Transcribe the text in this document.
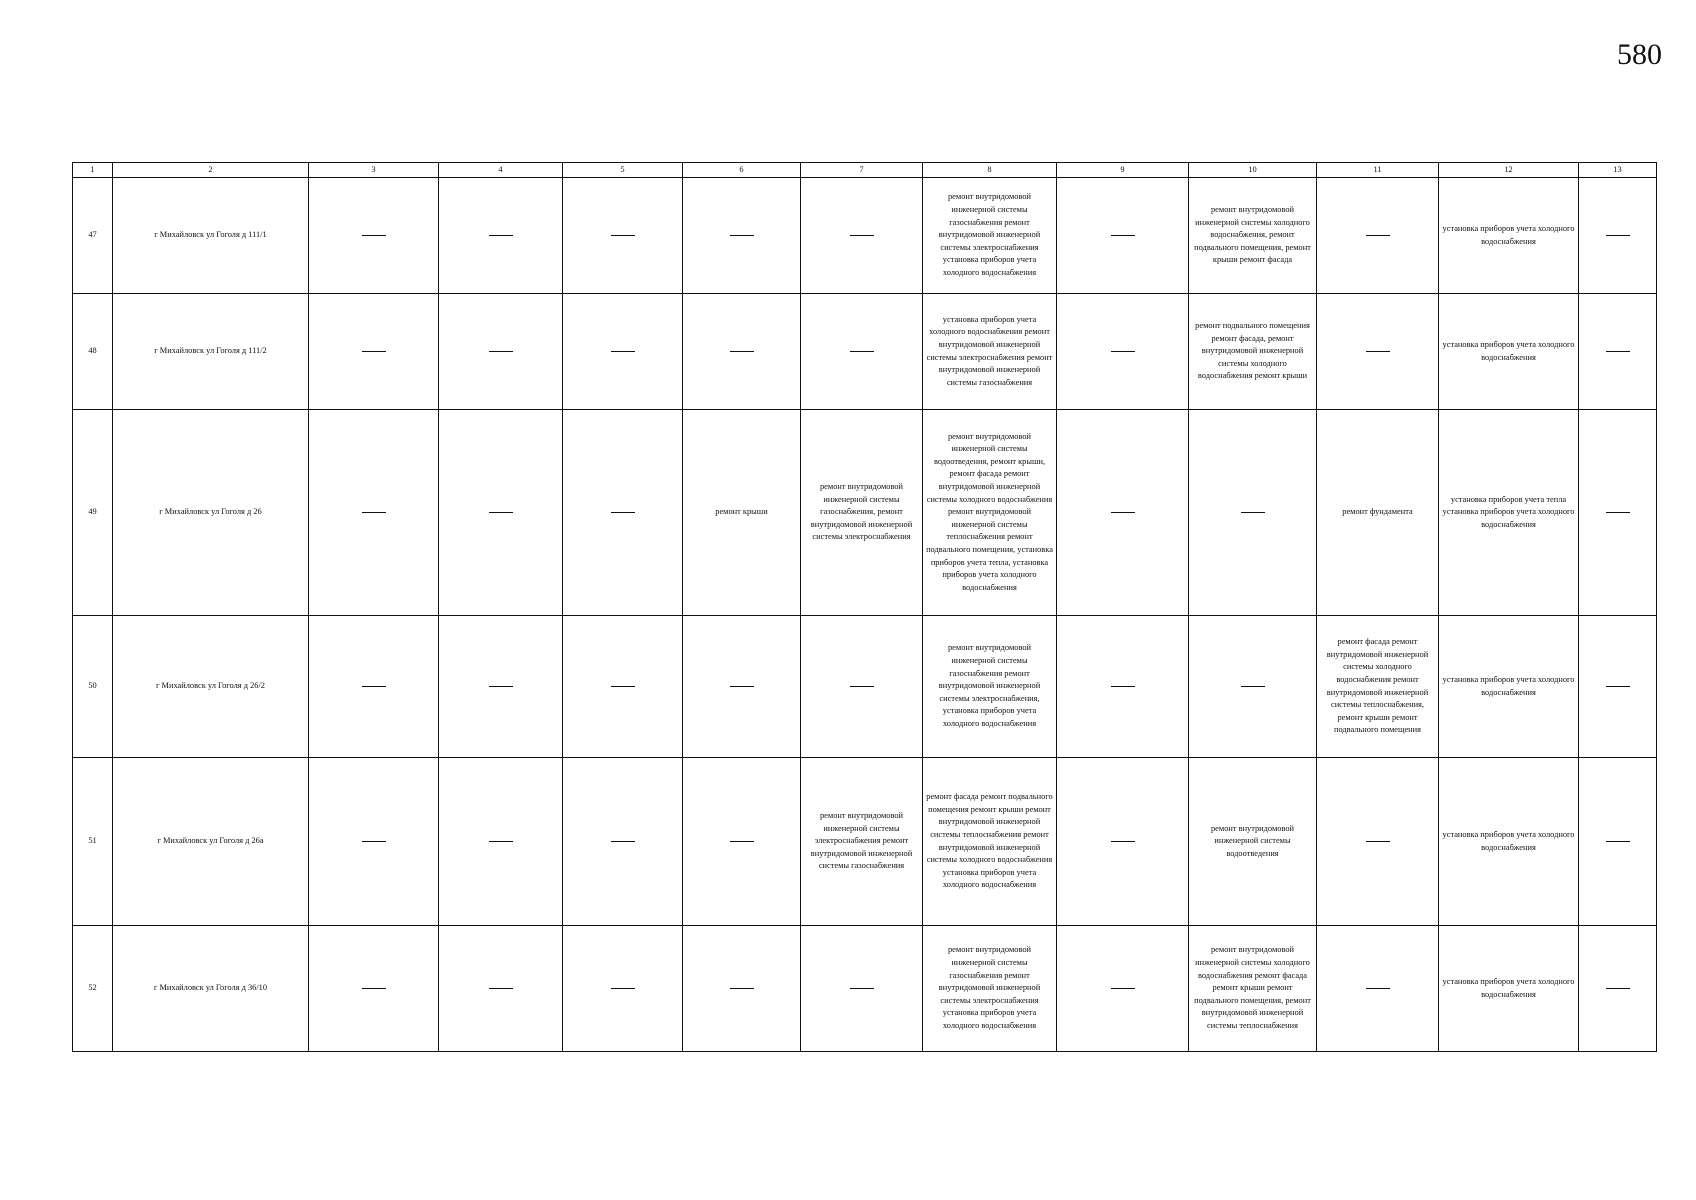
580
1	2	3	4	5	6	7	8	9	10	11	12	13
47	г Михайловск ул Гоголя д 111/1						ремонт внутридомовой инженерной системы газоснабжения ремонт внутридомовой инженерной системы электроснабжения установка приборов учета холодного водоснабжения		ремонт внутридомовой инженерной системы холодного водоснабжения, ремонт подвального помещения, ремонт крыши ремонт фасада		установка приборов учета холодного водоснабжения	
48	г Михайловск ул Гоголя д 111/2						установка приборов учета холодного водоснабжения ремонт внутридомовой инженерной системы электроснабжения ремонт внутридомовой инженерной системы газоснабжения		ремонт подвального помещения ремонт фасада, ремонт внутридомовой инженерной системы холодного водоснабжения ремонт крыши		установка приборов учета холодного водоснабжения	
49	г Михайловск ул Гоголя д 26				ремонт крыши	ремонт внутридомовой инженерной системы газоснабжения, ремонт внутридомовой инженерной системы электроснабжения	ремонт внутридомовой инженерной системы водоотведения, ремонт крыши, ремонт фасада ремонт внутридомовой инженерной системы холодного водоснабжения ремонт внутридомовой инженерной системы теплоснабжения ремонт подвального помещения, установка приборов учета тепла, установка приборов учета холодного водоснабжения			ремонт фундамента	установка приборов учета тепла установка приборов учета холодного водоснабжения	
50	г Михайловск ул Гоголя д 26/2						ремонт внутридомовой инженерной системы газоснабжения ремонт внутридомовой инженерной системы электроснабжения, установка приборов учета холодного водоснабжения			ремонт фасада ремонт внутридомовой инженерной системы холодного водоснабжения ремонт внутридомовой инженерной системы теплоснабжения, ремонт крыши ремонт подвального помещения	установка приборов учета холодного водоснабжения	
51	г Михайловск ул Гоголя д 26а					ремонт внутридомовой инженерной системы электроснабжения ремонт внутридомовой инженерной системы газоснабжения	ремонт фасада ремонт подвального помещения ремонт крыши ремонт внутридомовой инженерной системы теплоснабжения ремонт внутридомовой инженерной системы холодного водоснабжения установка приборов учета холодного водоснабжения		ремонт внутридомовой инженерной системы водоотведения		установка приборов учета холодного водоснабжения	
52	г Михайловск ул Гоголя д 36/10						ремонт внутридомовой инженерной системы газоснабжения ремонт внутридомовой инженерной системы электроснабжения установка приборов учета холодного водоснабжения		ремонт внутридомовой инженерной системы холодного водоснабжения ремонт фасада ремонт крыши ремонт подвального помещения, ремонт внутридомовой инженерной системы теплоснабжения		установка приборов учета холодного водоснабжения	
